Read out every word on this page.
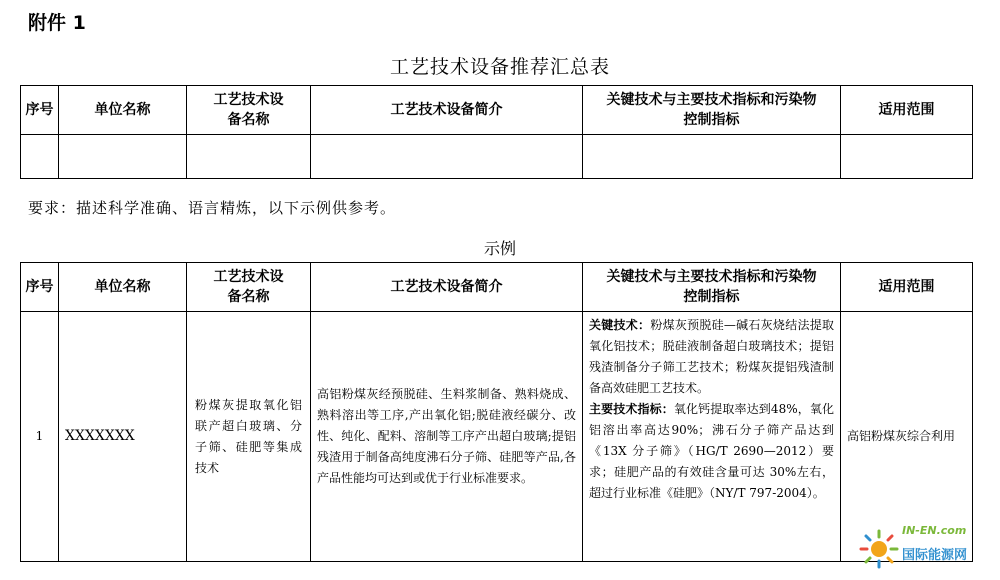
附件 1
工艺技术设备推荐汇总表
序号	单位名称	工艺技术设备名称	工艺技术设备简介	关键技术与主要技术指标和污染物控制指标	适用范围

要求：描述科学准确、语言精炼，以下示例供参考。
示例
序号	单位名称	工艺技术设备名称	工艺技术设备简介	关键技术与主要技术指标和污染物控制指标	适用范围
1	XXXXXXX	粉煤灰提取氧化铝联产超白玻璃、分子筛、硅肥等集成技术	高铝粉煤灰经预脱硅、生料浆制备、熟料烧成、熟料溶出等工序,产出氧化铝;脱硅液经碳分、改性、纯化、配料、溶制等工序产出超白玻璃;提铝残渣用于制备高纯度沸石分子筛、硅肥等产品,各产品性能均可达到或优于行业标准要求。	关键技术：粉煤灰预脱硅—碱石灰烧结法提取氧化铝技术；脱硅液制备超白玻璃技术；提铝残渣制备分子筛工艺技术；粉煤灰提铝残渣制备高效硅肥工艺技术。
主要技术指标：氧化钙提取率达到48%，氧化铝溶出率高达90%；沸石分子筛产品达到《13X 分子筛》（HG/T 2690—2012）要求；硅肥产品的有效硅含量可达 30%左右，超过行业标准《硅肥》（NY/T 797-2004）。	高铝粉煤灰综合利用
IN-EN.com
国际能源网
